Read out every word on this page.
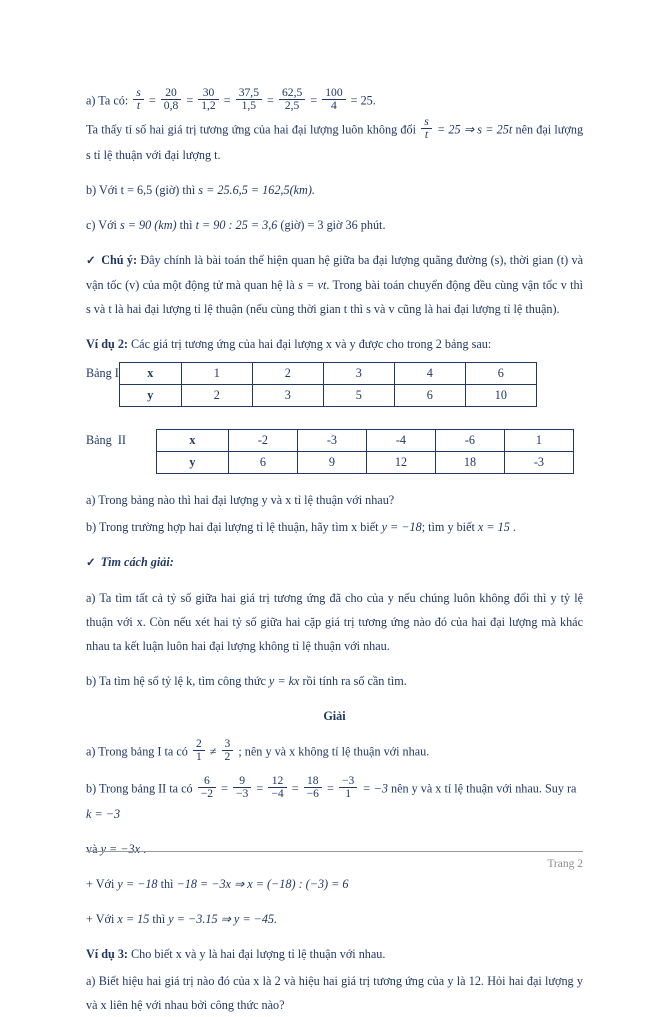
a) Ta có: $\frac{s}{t} = \frac{20}{0,8} = \frac{30}{1,2} = \frac{37,5}{1,5} = \frac{62,5}{2,5} = \frac{100}{4} = 25$.
Ta thấy tỉ số hai giá trị tương ứng của hai đại lượng luôn không đổi $\frac{s}{t} = 25$ ⇒ s = 25t nên đại lượng s tỉ lệ thuận với đại lượng t.
b) Với t = 6,5 (giờ) thì s = 25.6,5 = 162,5(km).
c) Với s = 90 (km) thì t = 90 : 25 = 3,6 (giờ) = 3 giờ 36 phút.
✓ Chú ý: Đây chính là bài toán thể hiện quan hệ giữa ba đại lượng quãng đường (s), thời gian (t) và vận tốc (v) của một động tử mà quan hệ là s = vt. Trong bài toán chuyển động đều cùng vận tốc v thì s và t là hai đại lượng tỉ lệ thuận (nếu cùng thời gian t thì s và v cũng là hai đại lượng tỉ lệ thuận).
Ví dụ 2: Các giá trị tương ứng của hai đại lượng x và y được cho trong 2 bảng sau:
Bảng I x	1	2	3	4	6
y	2	3	5	6	10
Bảng  II	x	-2	-3	-4	-6	1
y	6	9	12	18	-3
a) Trong bảng nào thì hai đại lượng y và x tỉ lệ thuận với nhau?
b) Trong trường hợp hai đại lượng tỉ lệ thuận, hãy tìm x biết y = −18; tìm y biết x = 15 .
✓ Tìm cách giải:
a) Ta tìm tất cả tỷ số giữa hai giá trị tương ứng đã cho của y nếu chúng luôn không đổi thì y tỷ lệ thuận với x. Còn nếu xét hai tỷ số giữa hai cặp giá trị tương ứng nào đó của hai đại lượng mà khác nhau ta kết luận luôn hai đại lượng không tỉ lệ thuận với nhau.
b) Ta tìm hệ số tỷ lệ k, tìm công thức y = kx rồi tính ra số cần tìm.
Giải
a) Trong bảng I ta có $\frac{2}{1} \ne \frac{3}{2}$ ; nên y và x không tỉ lệ thuận với nhau.
b) Trong bảng II ta có $\frac{6}{-2} = \frac{9}{-3} = \frac{12}{-4} = \frac{18}{-6} = \frac{-3}{1} = -3$ nên y và x tỉ lệ thuận với nhau. Suy ra k = −3
và y = −3x .
+ Với y = −18 thì −18 = −3x ⇒ x = (−18) : (−3) = 6
+ Với x = 15 thì y = −3.15 ⇒ y = −45.
Ví dụ 3: Cho biết x và y là hai đại lượng tỉ lệ thuận với nhau.
a) Biết hiệu hai giá trị nào đó của x là 2 và hiệu hai giá trị tương ứng của y là 12. Hỏi hai đại lượng y và x liên hệ với nhau bởi công thức nào?
Trang 2
